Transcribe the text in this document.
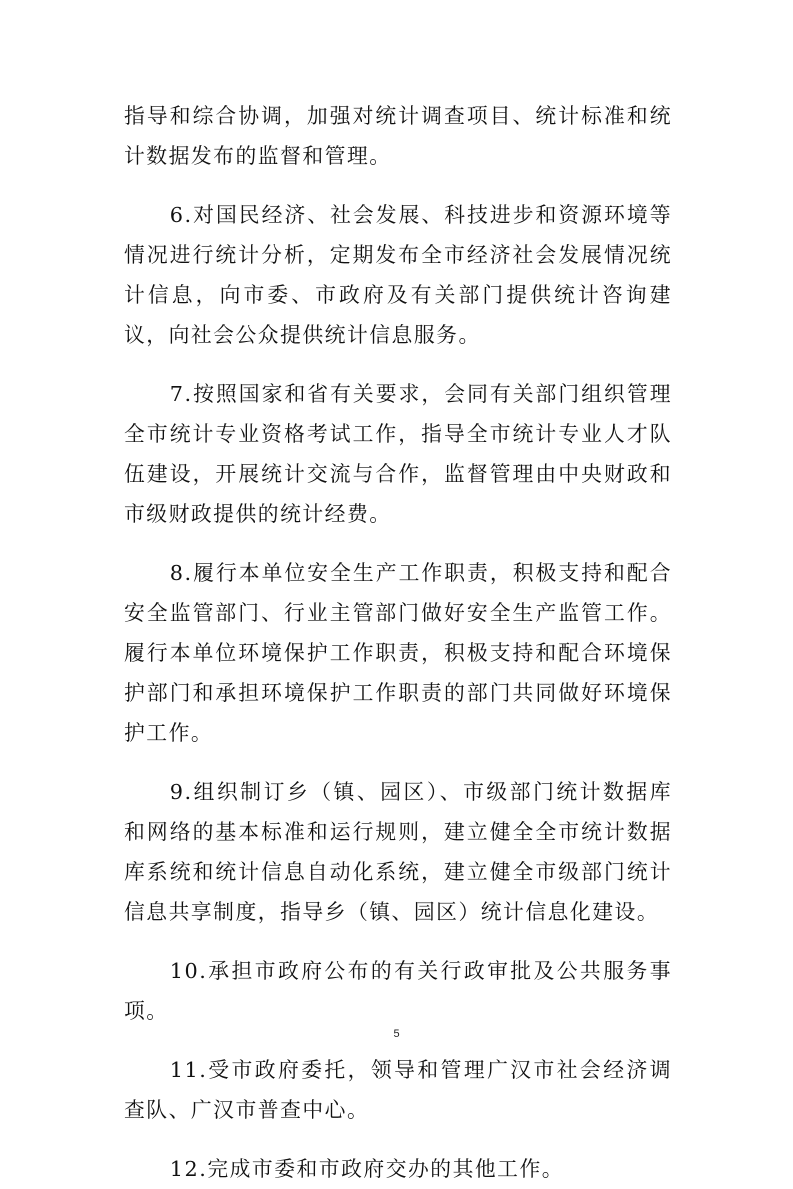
指导和综合协调，加强对统计调查项目、统计标准和统计数据发布的监督和管理。

6.对国民经济、社会发展、科技进步和资源环境等情况进行统计分析，定期发布全市经济社会发展情况统计信息，向市委、市政府及有关部门提供统计咨询建议，向社会公众提供统计信息服务。

7.按照国家和省有关要求，会同有关部门组织管理全市统计专业资格考试工作，指导全市统计专业人才队伍建设，开展统计交流与合作，监督管理由中央财政和市级财政提供的统计经费。

8.履行本单位安全生产工作职责，积极支持和配合安全监管部门、行业主管部门做好安全生产监管工作。履行本单位环境保护工作职责，积极支持和配合环境保护部门和承担环境保护工作职责的部门共同做好环境保护工作。

9.组织制订乡（镇、园区）、市级部门统计数据库和网络的基本标准和运行规则，建立健全全市统计数据库系统和统计信息自动化系统，建立健全市级部门统计信息共享制度，指导乡（镇、园区）统计信息化建设。

10.承担市政府公布的有关行政审批及公共服务事项。

11.受市政府委托，领导和管理广汉市社会经济调查队、广汉市普查中心。

12.完成市委和市政府交办的其他工作。

5
